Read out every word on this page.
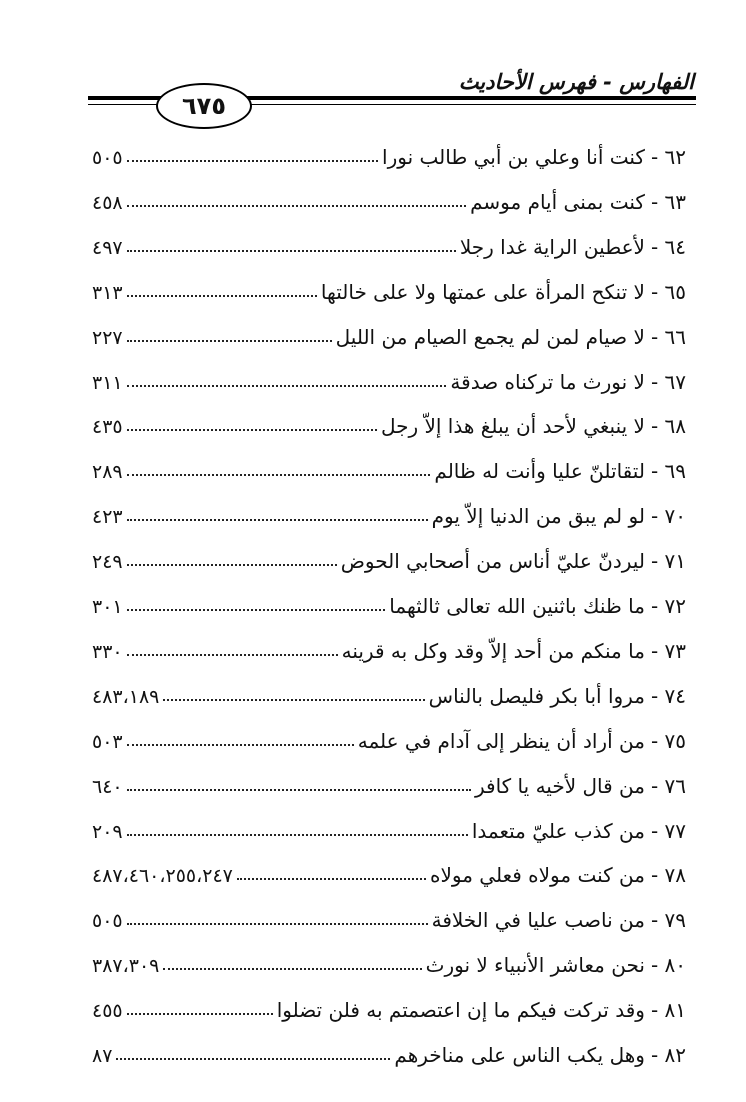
الفهارس - فهرس الأحاديث
٦٧٥
٦٢ -
كنت أنا وعلي بن أبي طالب نورا
٥٠٥
٦٣ -
كنت بمنى أيام موسم
٤٥٨
٦٤ -
لأعطين الراية غدا رجلا
٤٩٧
٦٥ -
لا تنكح المرأة على عمتها ولا على خالتها
٣١٣
٦٦ -
لا صيام لمن لم يجمع الصيام من الليل
٢٢٧
٦٧ -
لا نورث ما تركناه صدقة
٣١١
٦٨ -
لا ينبغي لأحد أن يبلغ هذا إلاّ رجل
٤٣٥
٦٩ -
لتقاتلنّ عليا وأنت له ظالم
٢٨٩
٧٠ -
لو لم يبق من الدنيا إلاّ يوم
٤٢٣
٧١ -
ليردنّ عليّ أناس من أصحابي الحوض
٢٤٩
٧٢ -
ما ظنك باثنين الله تعالى ثالثهما
٣٠١
٧٣ -
ما منكم من أحد إلاّ وقد وكل به قرينه
٣٣٠
٧٤ -
مروا أبا بكر فليصل بالناس
٤٨٣،١٨٩
٧٥ -
من أراد أن ينظر إلى آدام في علمه
٥٠٣
٧٦ -
من قال لأخيه يا كافر
٦٤٠
٧٧ -
من كذب عليّ متعمدا
٢٠٩
٧٨ -
من كنت مولاه فعلي مولاه
٤٨٧،٤٦٠،٢٥٥،٢٤٧
٧٩ -
من ناصب عليا في الخلافة
٥٠٥
٨٠ -
نحن معاشر الأنبياء لا نورث
٣٨٧،٣٠٩
٨١ -
وقد تركت فيكم ما إن اعتصمتم به فلن تضلوا
٤٥٥
٨٢ -
وهل يكب الناس على مناخرهم
٨٧
